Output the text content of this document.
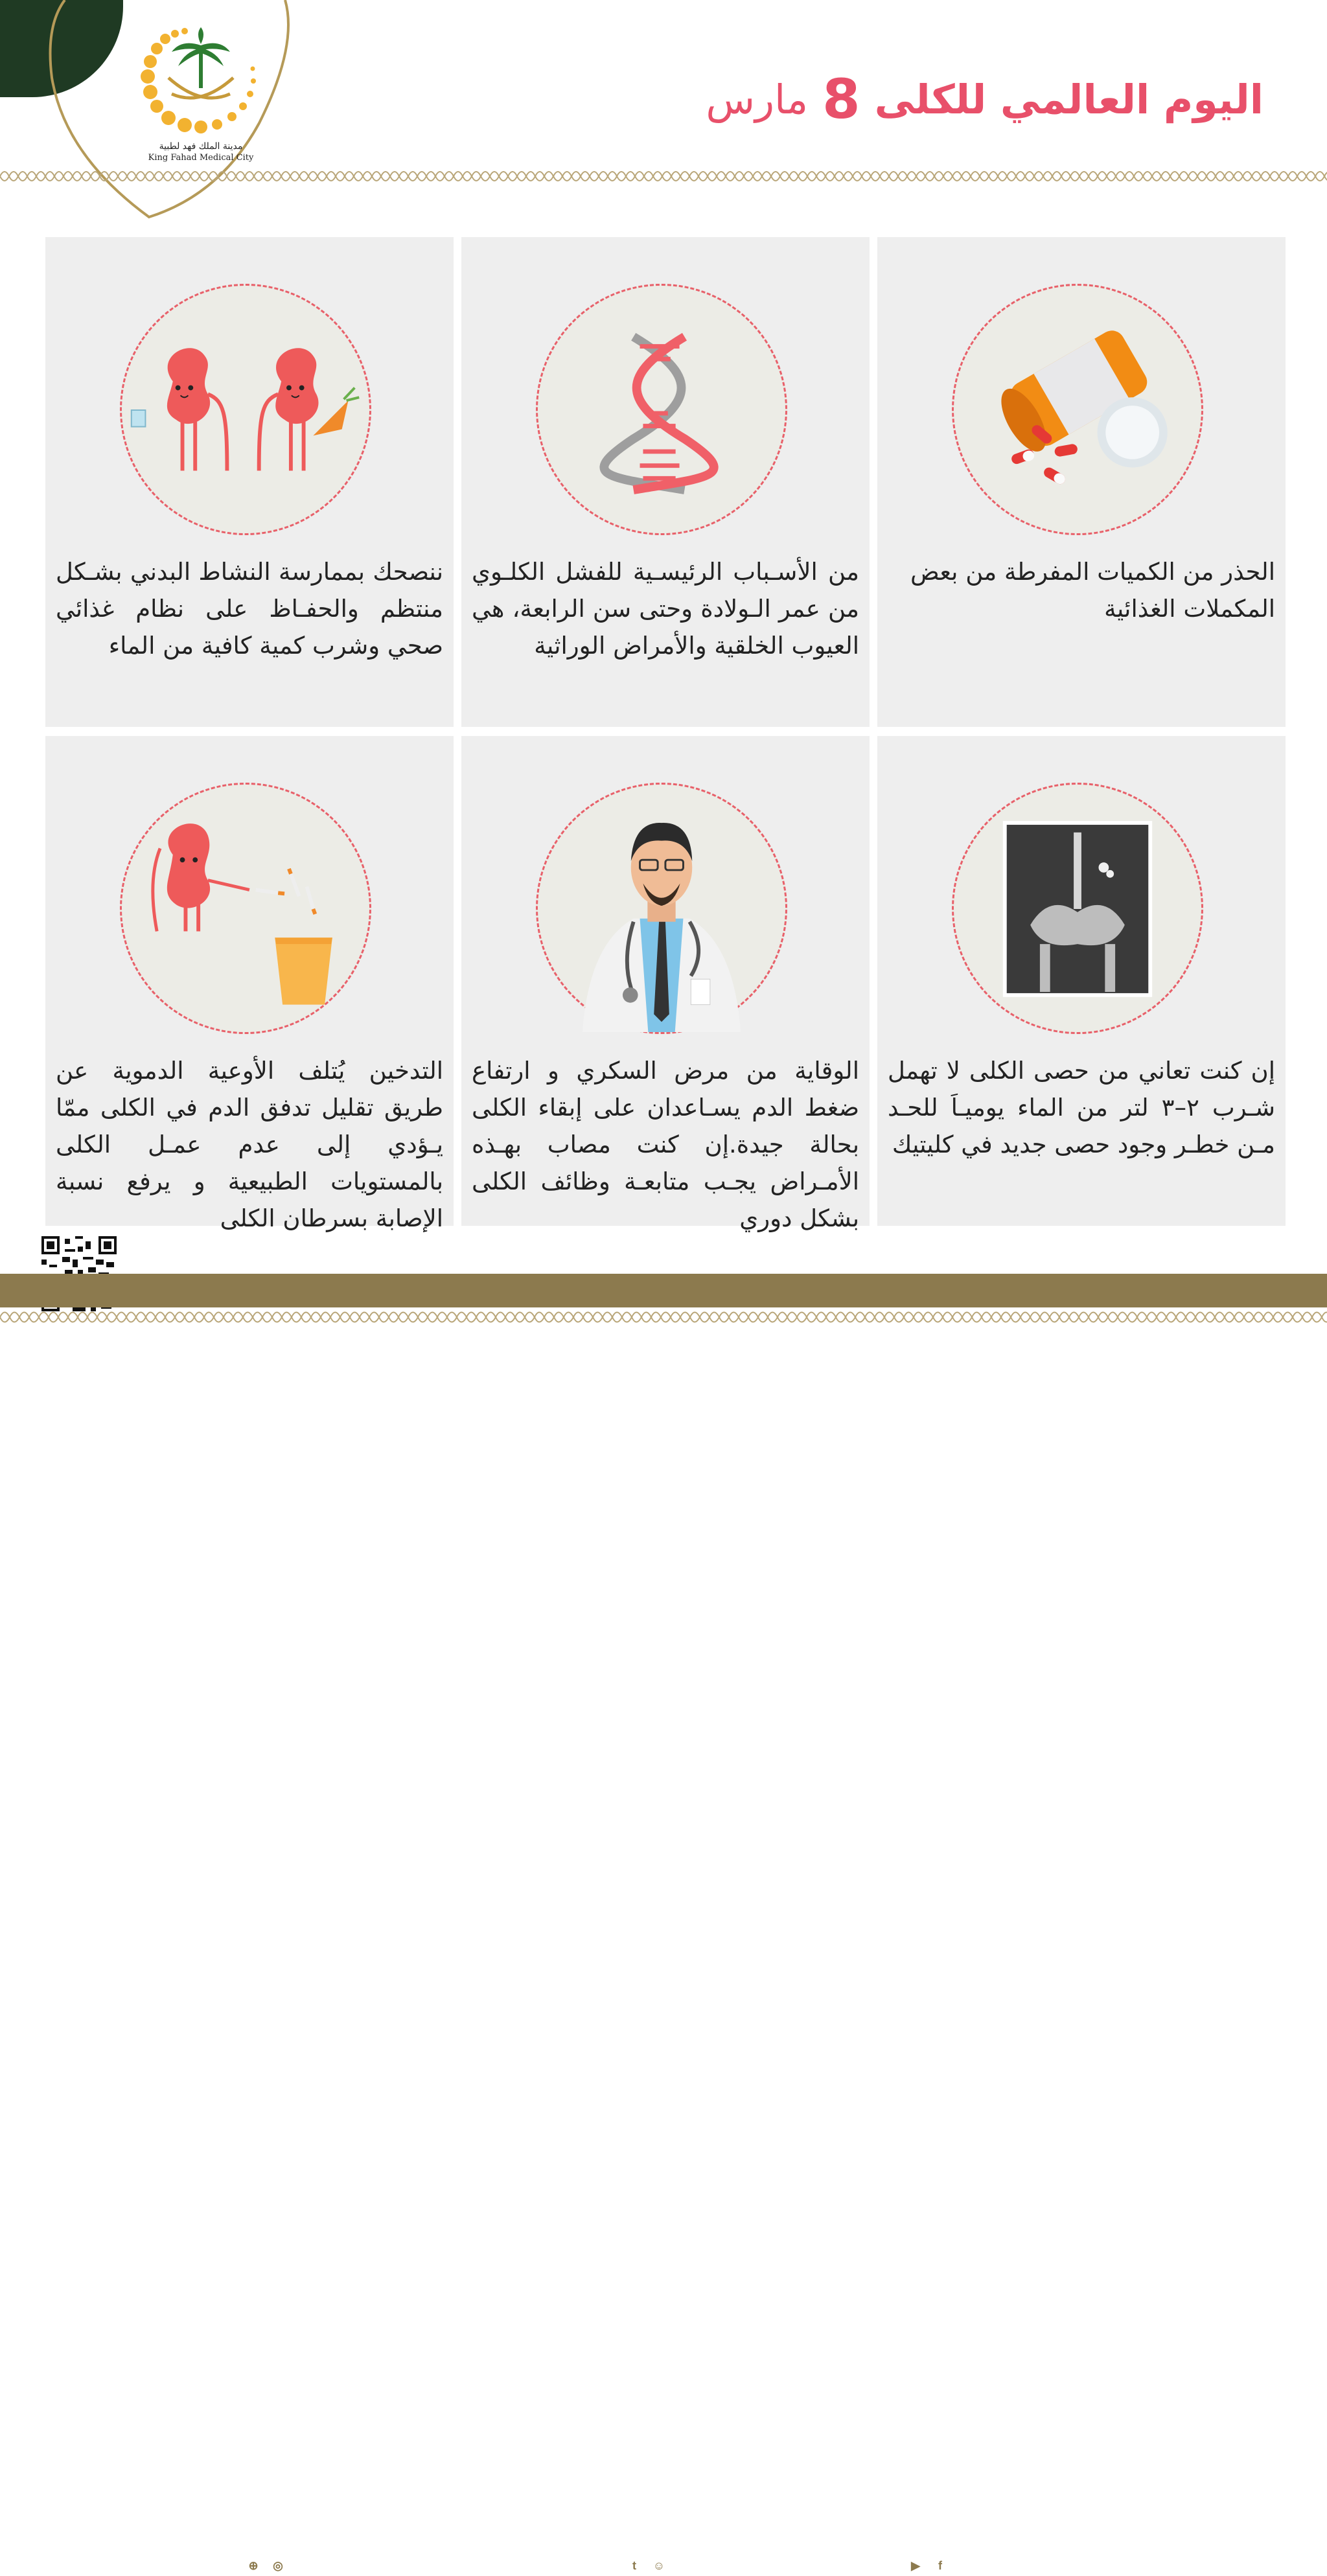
مدينة الملك فهد لطبية
King Fahad Medical City
اليوم العالمي للكلى
8
مارس
الحذر من الكميات المفرطة من بعض المكملات الغذائية
من الأسـباب الرئيسـية للفشل الكلـوي من عمر الـولادة وحتى سن الرابعة، هي العيوب الخلقية والأمراض الوراثية
ننصحك بممارسة النشاط البدني بشـكل منتظم والحفـاظ على نظام غذائي صحي وشرب كمية كافية من الماء
إن كنت تعاني من حصى الكلى لا تهمل شـرب ٢–٣ لتر من الماء يوميـاَ للحـد مـن خطـر وجود حصى جديد في كليتيك
الوقاية من مرض السكري و ارتفاع ضغط الدم يسـاعدان على إبقاء الكلى بحالة جيدة.إن كنت مصاب بهـذه الأمـراض يجـب متابعـة وظائف الكلى بشكل دوري
التدخين يُتلف الأوعية الدموية عن طريق تقليل تدفق الدم في الكلى ممّا يـؤدي إلى عدم عمـل الكلى بالمستويات الطبيعية و يرفع نسبة الإصابة بسرطان الكلى
⊕	◎ King Fahad Medical City	t	☺ kfmc_riyadh	▶	f Kfmc Riyadh
